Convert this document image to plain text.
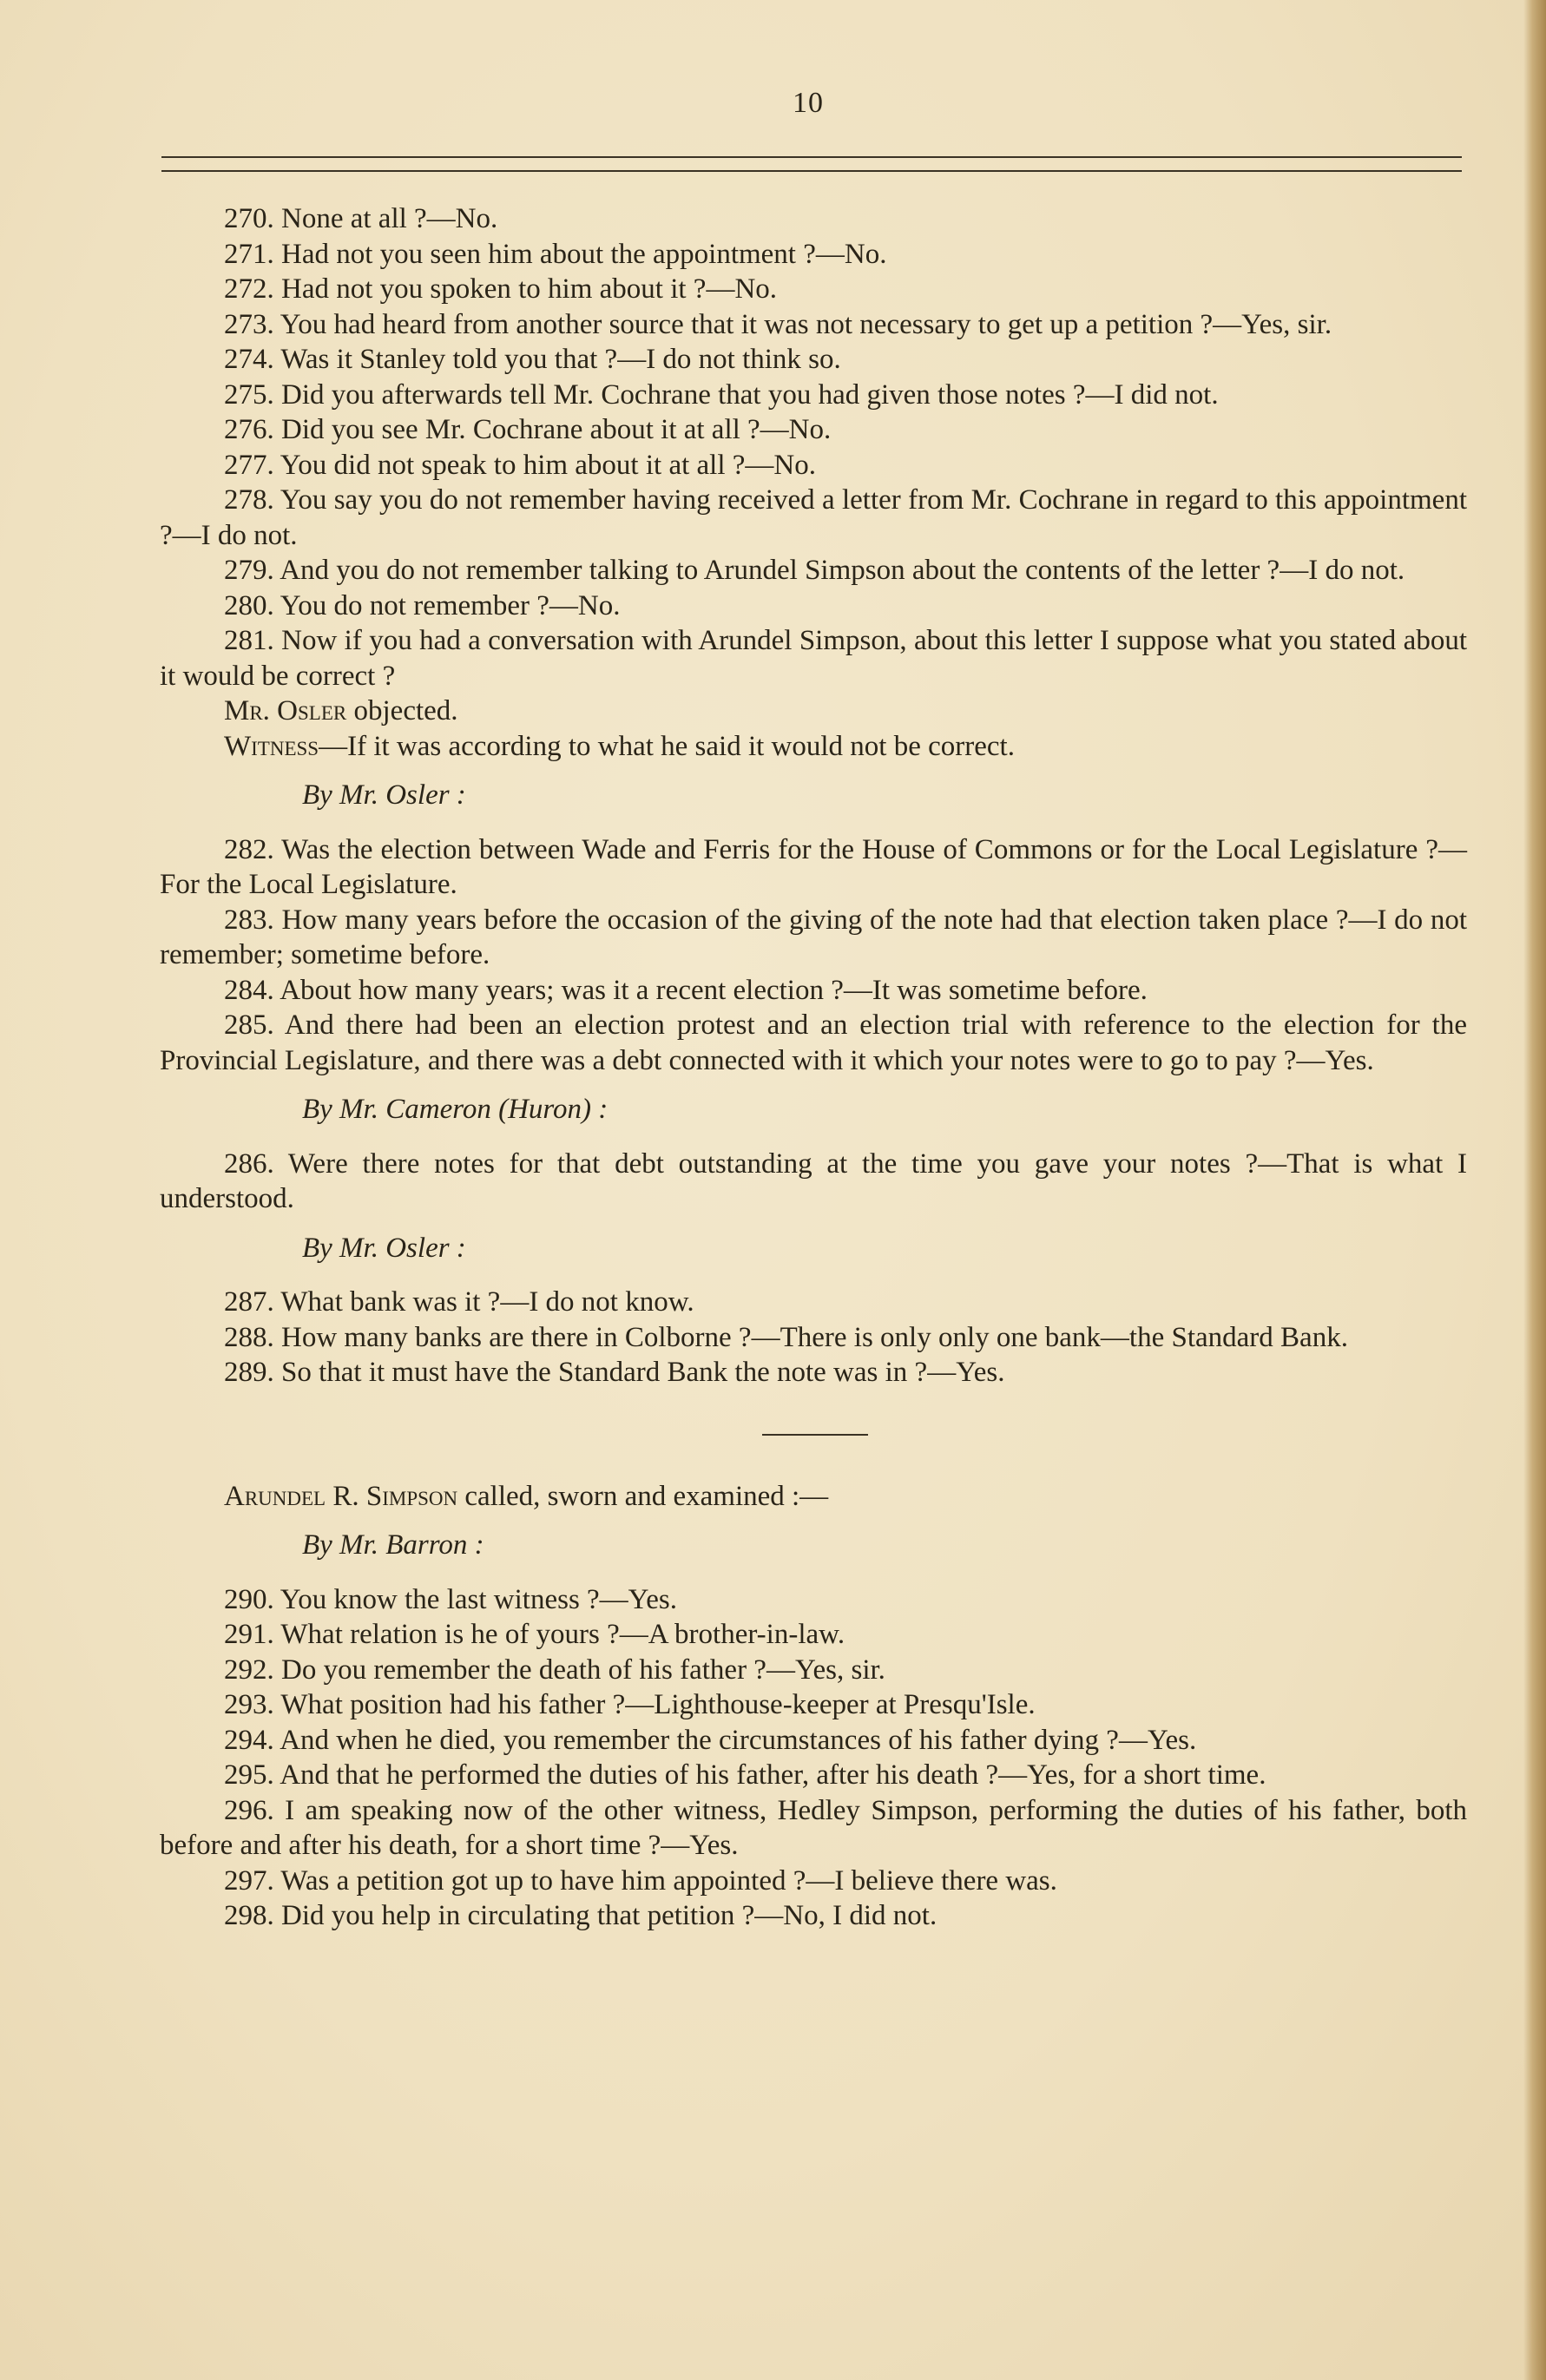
10

270. None at all ?—No.

271. Had not you seen him about the appointment ?—No.

272. Had not you spoken to him about it ?—No.

273. You had heard from another source that it was not necessary to get up a petition ?—Yes, sir.

274. Was it Stanley told you that ?—I do not think so.

275. Did you afterwards tell Mr. Cochrane that you had given those notes ?—I did not.

276. Did you see Mr. Cochrane about it at all ?—No.

277. You did not speak to him about it at all ?—No.

278. You say you do not remember having received a letter from Mr. Cochrane in regard to this appointment ?—I do not.

279. And you do not remember talking to Arundel Simpson about the contents of the letter ?—I do not.

280. You do not remember ?—No.

281. Now if you had a conversation with Arundel Simpson, about this letter I suppose what you stated about it would be correct ?

Mr. Osler objected.

Witness—If it was according to what he said it would not be correct.

By Mr. Osler :

282. Was the election between Wade and Ferris for the House of Commons or for the Local Legislature ?—For the Local Legislature.

283. How many years before the occasion of the giving of the note had that election taken place ?—I do not remember; sometime before.

284. About how many years; was it a recent election ?—It was sometime before.

285. And there had been an election protest and an election trial with reference to the election for the Provincial Legislature, and there was a debt connected with it which your notes were to go to pay ?—Yes.

By Mr. Cameron (Huron) :

286. Were there notes for that debt outstanding at the time you gave your notes ?—That is what I understood.

By Mr. Osler :

287. What bank was it ?—I do not know.

288. How many banks are there in Colborne ?—There is only only one bank—the Standard Bank.

289. So that it must have the Standard Bank the note was in ?—Yes.

Arundel R. Simpson called, sworn and examined :—

By Mr. Barron :

290. You know the last witness ?—Yes.

291. What relation is he of yours ?—A brother-in-law.

292. Do you remember the death of his father ?—Yes, sir.

293. What position had his father ?—Lighthouse-keeper at Presqu'Isle.

294. And when he died, you remember the circumstances of his father dying ?—Yes.

295. And that he performed the duties of his father, after his death ?—Yes, for a short time.

296. I am speaking now of the other witness, Hedley Simpson, performing the duties of his father, both before and after his death, for a short time ?—Yes.

297. Was a petition got up to have him appointed ?—I believe there was.

298. Did you help in circulating that petition ?—No, I did not.
